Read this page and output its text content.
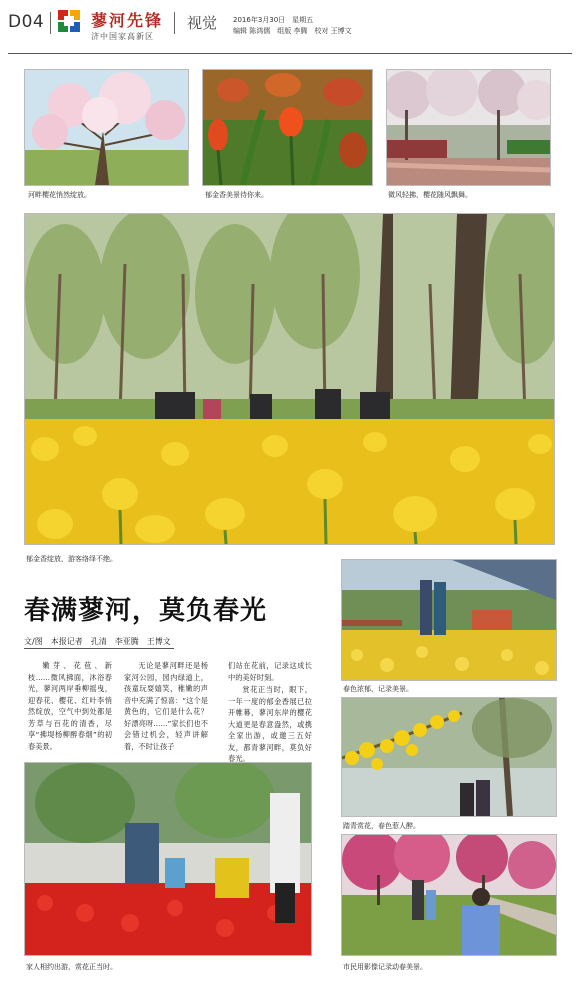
D04	蓼河先锋
济中国家高新区
视觉 2016年3月30日　星期五
编辑 陈鸿儒　组版 李腾　校对 王博文
河畔樱花悄然绽放。	郁金香美景待你来。	微风轻拂，樱花随风飘舞。
郁金香绽放，游客络绎不绝。
春满蓼河，莫负春光
文/图　本报记者　孔清　李亚腾　王博文
嫩芽、花苞、新枝……微风拂面，沐浴春光，蓼河两岸垂柳摇曳，迎春花、樱花、红叶李悄然绽放，空气中到处都是芳草与百花的清香，尽享“拂堤杨柳醉春烟”的初春美景。
无论是蓼河畔还是杨家河公园，园内绿道上，孩童玩耍嬉笑，稚嫩的声音中充满了惊喜：“这个是黄色的，它们是什么花？好漂亮呀……”家长们也不会错过机会，轻声讲解着，不时让孩子
们站在花前，记录这成长中的美好时刻。
赏花正当时，眼下，一年一度的郁金香展已拉开帷幕，蓼河东岸的樱花大道更是春意盎然，或携全家出游，或邀三五好友，都青蓼河畔，莫负好春光。
春色浓郁，记录美景。
踏青赏花，春色惹人醉。
市民用影像记录动春美景。
家人相约出游，赏花正当时。
